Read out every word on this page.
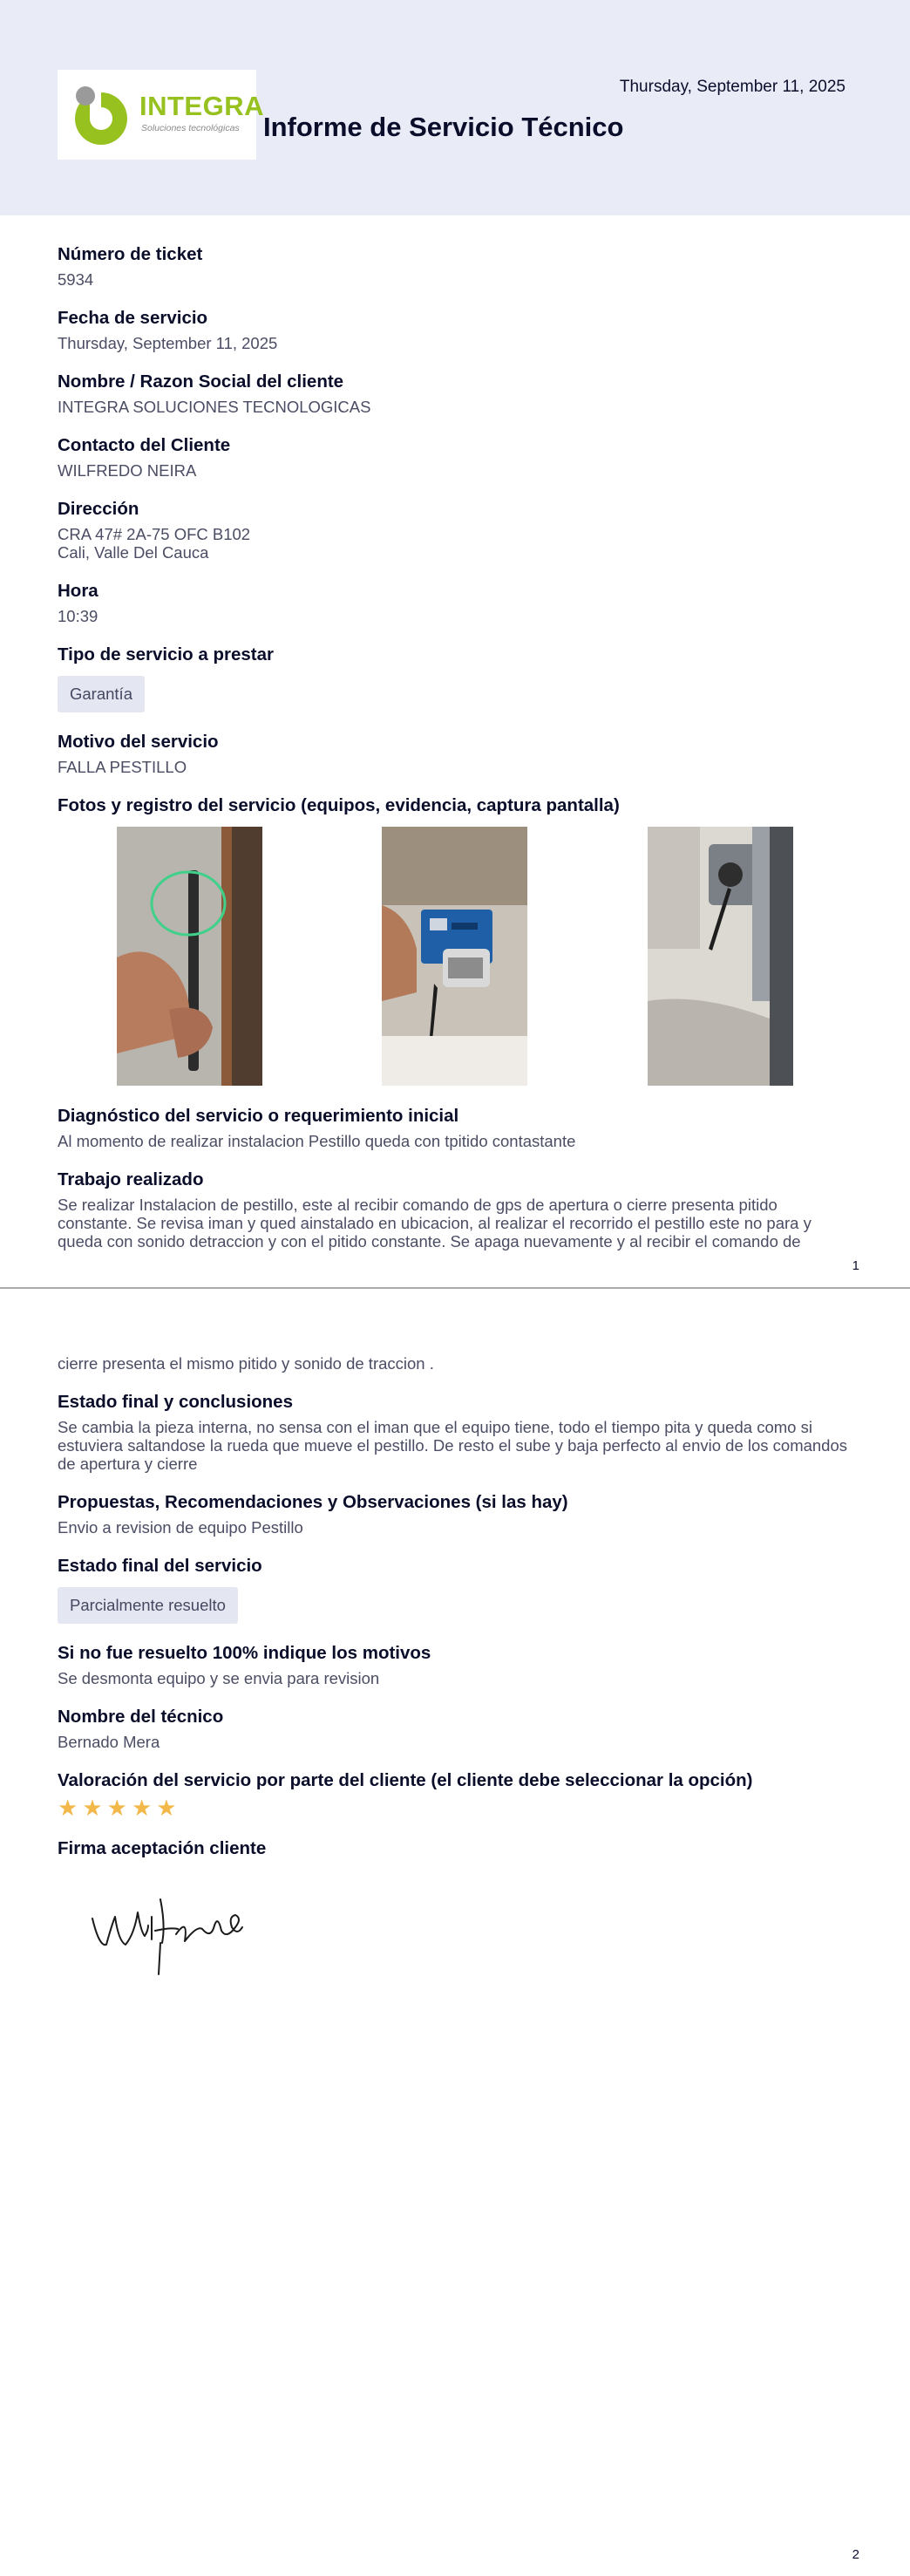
INTEGRA
Soluciones tecnológicas Informe de Servicio Técnico
Thursday, September 11, 2025
Número de ticket
5934
Fecha de servicio
Thursday, September 11, 2025
Nombre / Razon Social del cliente
INTEGRA SOLUCIONES TECNOLOGICAS
Contacto del Cliente
WILFREDO NEIRA
Dirección
CRA 47# 2A-75 OFC B102
Cali, Valle Del Cauca
Hora
10:39
Tipo de servicio a prestar
Garantía
Motivo del servicio
FALLA PESTILLO
Fotos y registro del servicio (equipos, evidencia, captura pantalla)
Diagnóstico del servicio o requerimiento inicial
Al momento de realizar instalacion Pestillo queda con tpitido contastante
Trabajo realizado
Se realizar Instalacion de pestillo, este al recibir comando de gps de apertura o cierre presenta pitido constante. Se revisa iman y qued ainstalado en ubicacion, al realizar el recorrido el pestillo este no para y queda con sonido detraccion y con el pitido constante. Se apaga nuevamente y al recibir el comando de
1
cierre presenta el mismo pitido y sonido de traccion .
Estado final y conclusiones
Se cambia la pieza interna, no sensa con el iman que el equipo tiene, todo el tiempo pita y queda como si estuviera saltandose la rueda que mueve el pestillo. De resto el sube y baja perfecto al envio de los comandos de apertura y cierre
Propuestas, Recomendaciones y Observaciones (si las hay)
Envio a revision de equipo Pestillo
Estado final del servicio
Parcialmente resuelto
Si no fue resuelto 100% indique los motivos
Se desmonta equipo y se envia para revision
Nombre del técnico
Bernado Mera
Valoración del servicio por parte del cliente (el cliente debe seleccionar la opción)
★ ★ ★ ★ ★
Firma aceptación cliente
2
